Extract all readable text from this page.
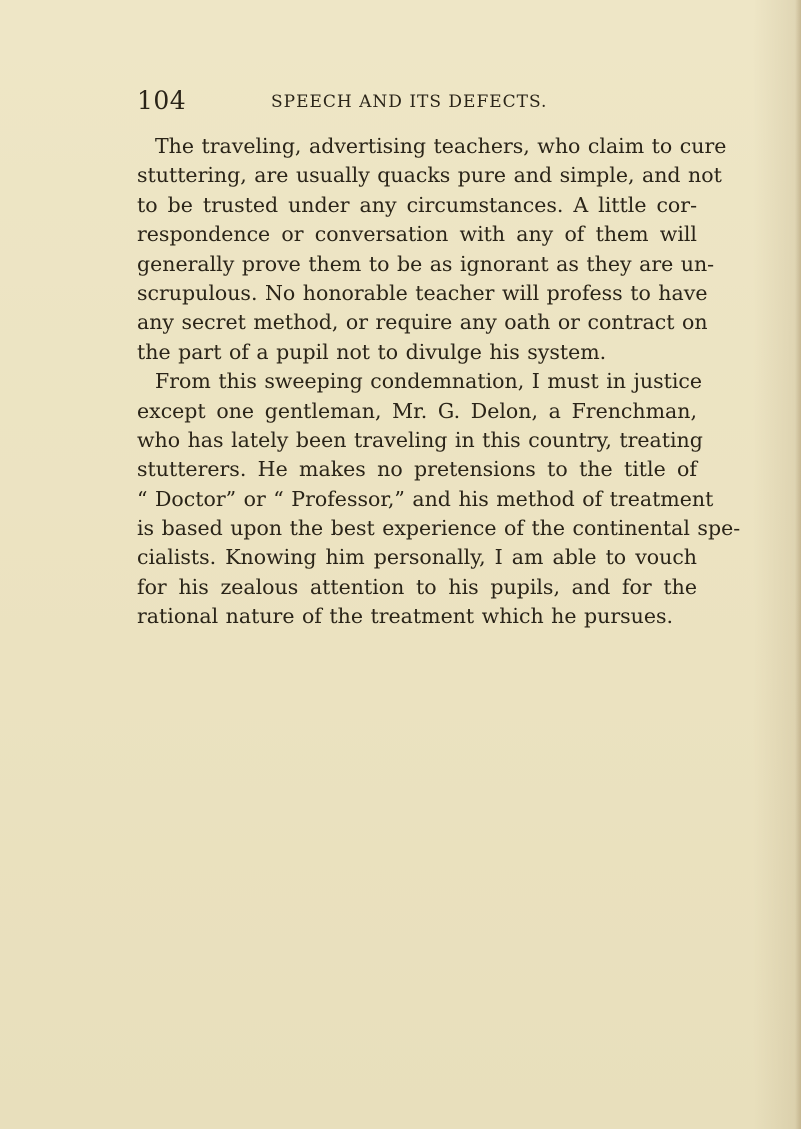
104	SPEECH AND ITS DEFECTS.
The traveling, advertising teachers, who claim to cure
stuttering, are usually quacks pure and simple, and not
to be trusted under any circumstances. A little cor-
respondence or conversation with any of them will
generally prove them to be as ignorant as they are un-
scrupulous. No honorable teacher will profess to have
any secret method, or require any oath or contract on
the part of a pupil not to divulge his system.
From this sweeping condemnation, I must in justice
except one gentleman, Mr. G. Delon, a Frenchman,
who has lately been traveling in this country, treating
stutterers. He makes no pretensions to the title of
“ Doctor” or “ Professor,” and his method of treatment
is based upon the best experience of the continental spe-
cialists. Knowing him personally, I am able to vouch
for his zealous attention to his pupils, and for the
rational nature of the treatment which he pursues.
